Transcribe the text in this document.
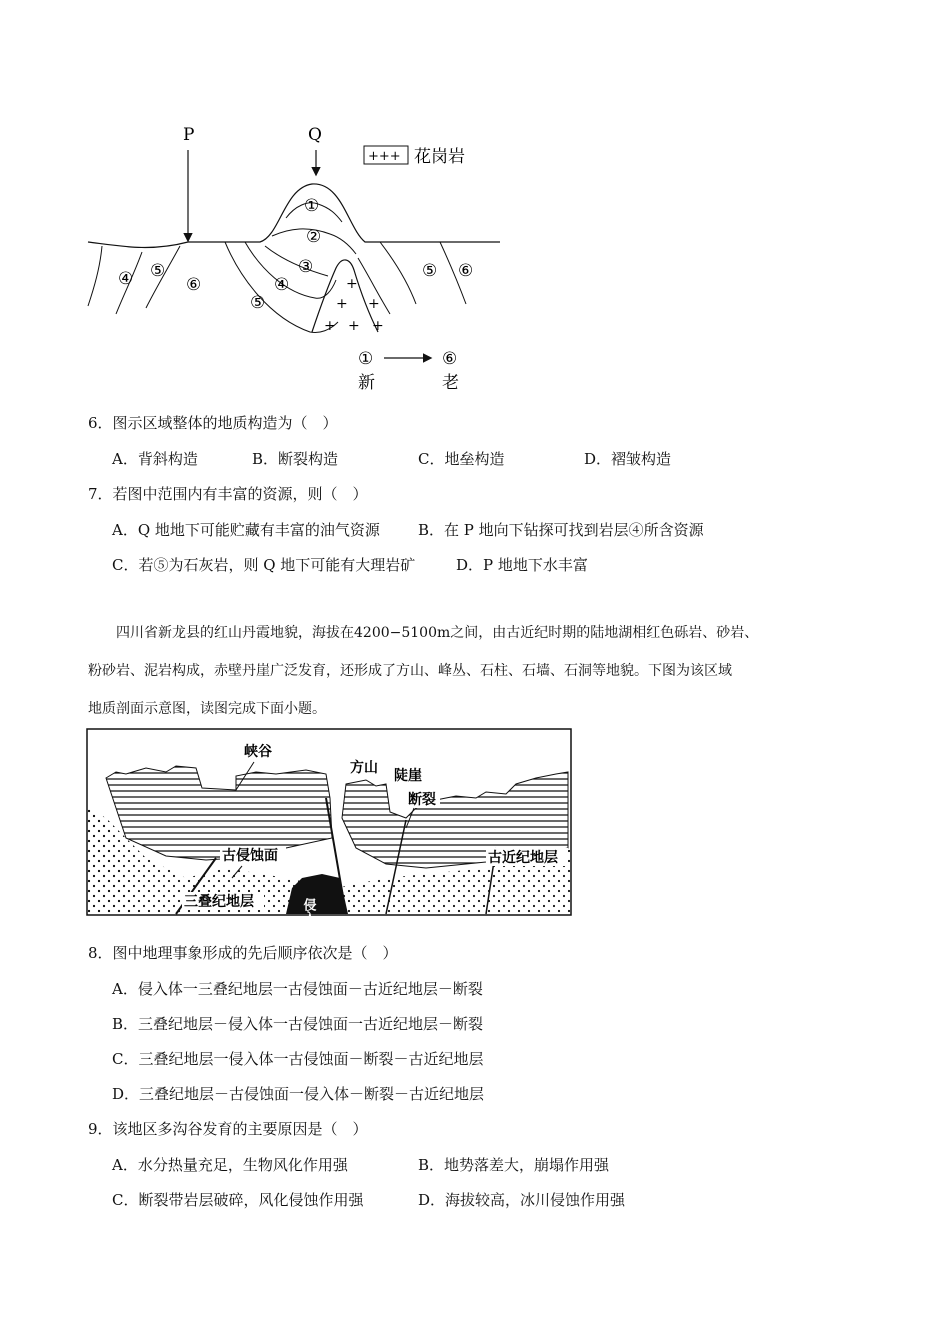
P	Q
+++ 花岗岩
+
+ +
+ + +
①
②
③
④
⑤
④ ⑤
⑥
⑤ ⑥
①	⑥
新	老
6．图示区域整体的地质构造为（　）
A．背斜构造	B．断裂构造	C．地垒构造	D．褶皱构造
7．若图中范围内有丰富的资源，则（　）
A．Q 地地下可能贮藏有丰富的油气资源	B．在 P 地向下钻探可找到岩层④所含资源
C．若⑤为石灰岩，则 Q 地下可能有大理岩矿	D．P 地地下水丰富
四川省新龙县的红山丹霞地貌，海拔在4200−5100m之间，由古近纪时期的陆地湖相红色砾岩、砂岩、
粉砂岩、泥岩构成，赤壁丹崖广泛发育，还形成了方山、峰丛、石柱、石墙、石洞等地貌。下图为该区域
地质剖面示意图，读图完成下面小题。
峡谷
方山 陡崖
断裂
古侵蚀面	古近纪地层
三叠纪地层	侵入体
8．图中地理事象形成的先后顺序依次是（　）
A．侵入体一三叠纪地层一古侵蚀面－古近纪地层－断裂
B．三叠纪地层－侵入体一古侵蚀面一古近纪地层－断裂
C．三叠纪地层一侵入体一古侵蚀面－断裂－古近纪地层
D．三叠纪地层－古侵蚀面一侵入体－断裂－古近纪地层
9．该地区多沟谷发育的主要原因是（　）
A．水分热量充足，生物风化作用强	B．地势落差大，崩塌作用强
C．断裂带岩层破碎，风化侵蚀作用强	D．海拔较高，冰川侵蚀作用强
